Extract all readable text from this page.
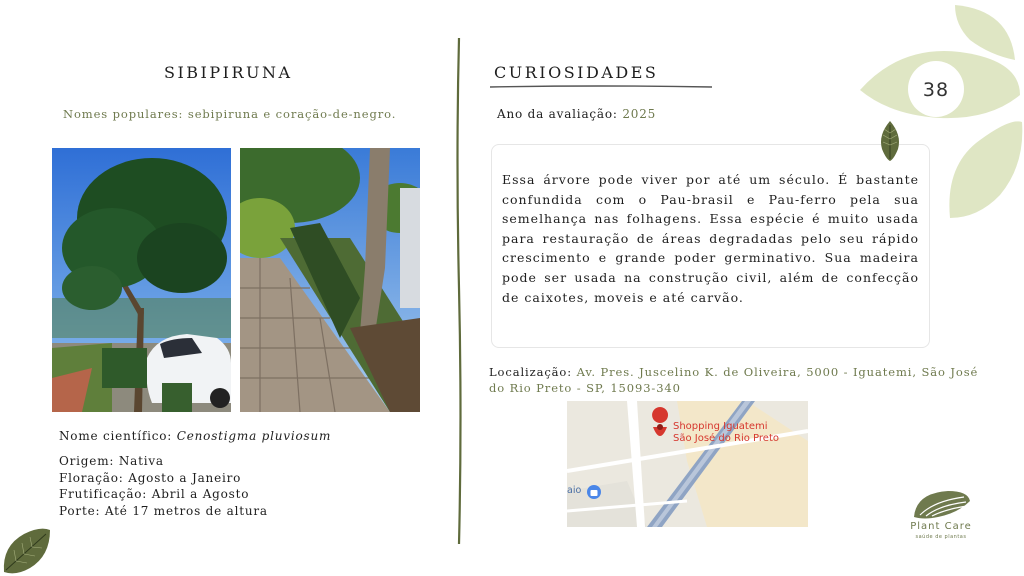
SIBIPIRUNA
Nomes populares: sebipiruna e coração-de-negro.
Nome científico: Cenostigma pluviosum
Origem: Nativa
Floração: Agosto a Janeiro
Frutificação: Abril a Agosto
Porte: Até 17 metros de altura
CURIOSIDADES
Ano da avaliação: 2025
Essa árvore pode viver por até um século. É bastante confundida com o Pau-brasil e Pau-ferro pela sua semelhança nas folhagens. Essa espécie é muito usada para restauração de áreas degradadas pelo seu rápido crescimento e grande poder germinativo. Sua madeira pode ser usada na construção civil, além de confecção de caixotes, moveis e até carvão.
Localização: Av. Pres. Juscelino K. de Oliveira, 5000 - Iguatemi, São José do Rio Preto - SP, 15093-340
Shopping Iguatemi
São José do Rio Preto
aio
38
Plant Care
saúde de plantas
